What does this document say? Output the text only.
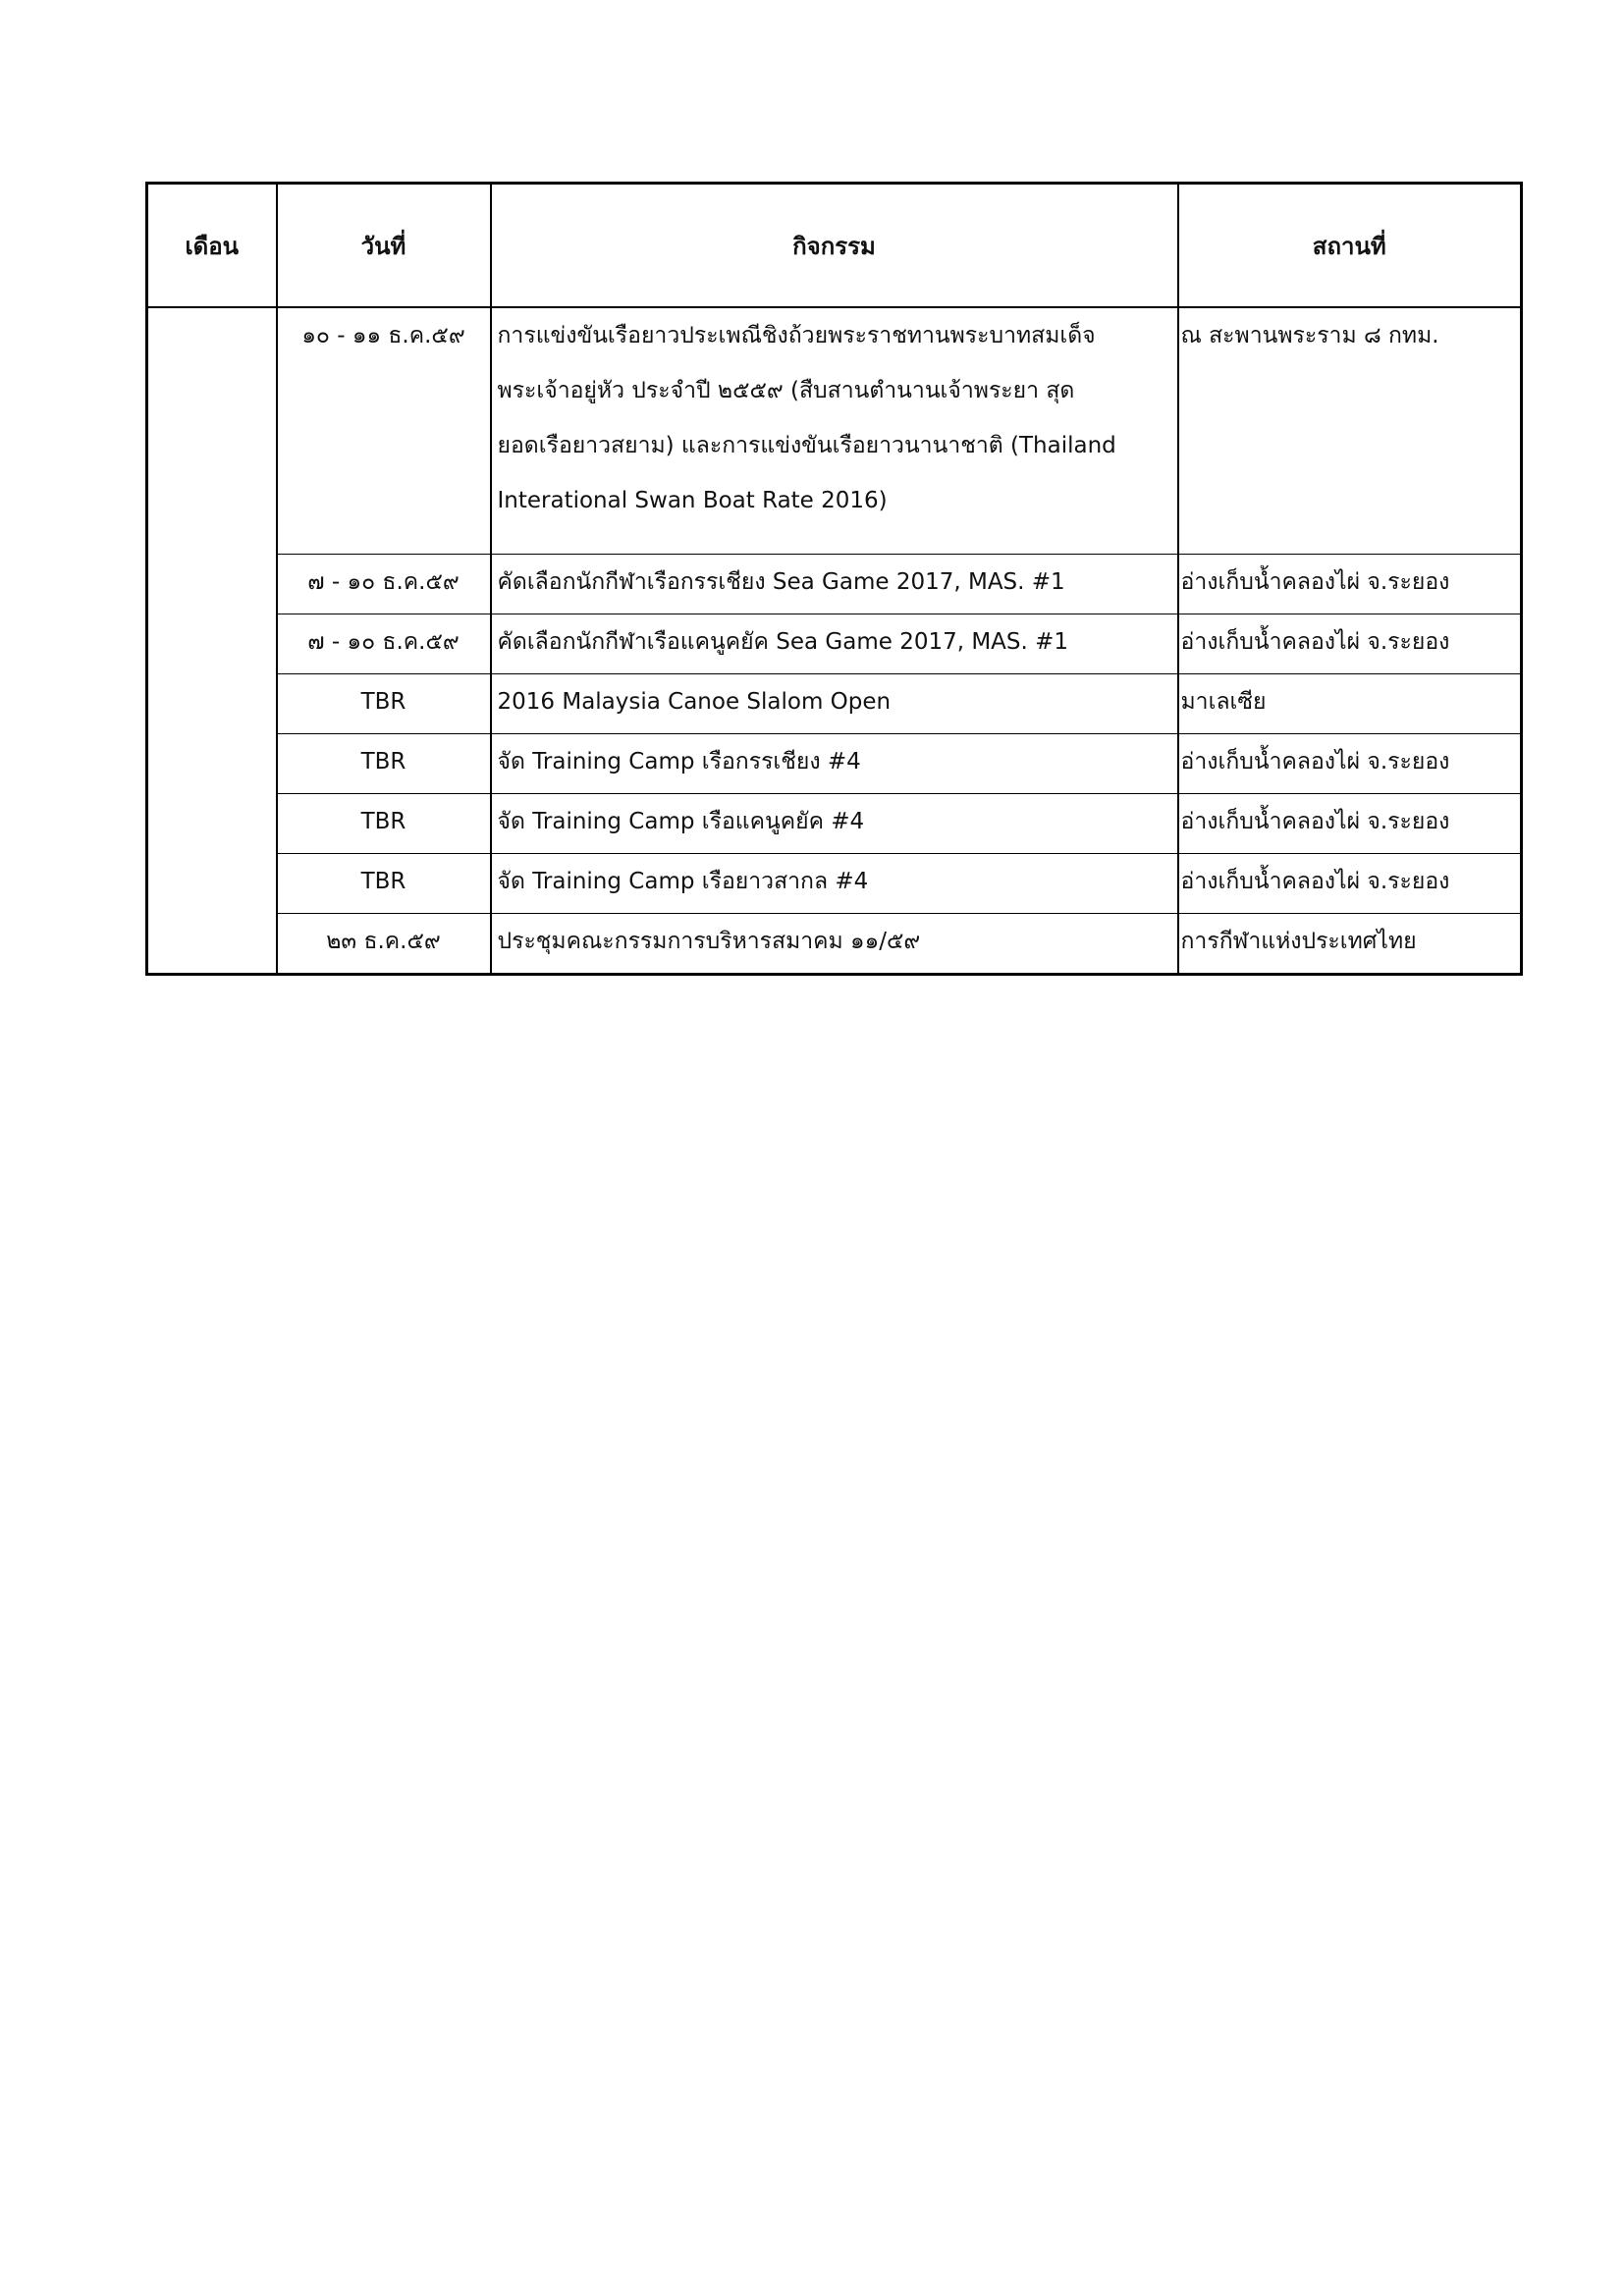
เดือน	วันที่	กิจกรรม	สถานที่
	๑๐ - ๑๑ ธ.ค.๕๙	การแข่งขันเรือยาวประเพณีชิงถ้วยพระราชทานพระบาทสมเด็จ
พระเจ้าอยู่หัว ประจำปี ๒๕๕๙ (สืบสานตำนานเจ้าพระยา สุด
ยอดเรือยาวสยาม) และการแข่งขันเรือยาวนานาชาติ (Thailand
Interational Swan Boat Rate 2016)	ณ สะพานพระราม ๘ กทม.
	๗ - ๑๐ ธ.ค.๕๙	คัดเลือกนักกีฬาเรือกรรเชียง Sea Game 2017, MAS. #1	อ่างเก็บน้ำคลองไผ่ จ.ระยอง
	๗ - ๑๐ ธ.ค.๕๙	คัดเลือกนักกีฬาเรือแคนูคยัค Sea Game 2017, MAS. #1	อ่างเก็บน้ำคลองไผ่ จ.ระยอง
	TBR	2016 Malaysia Canoe Slalom Open	มาเลเซีย
	TBR	จัด Training Camp เรือกรรเชียง #4	อ่างเก็บน้ำคลองไผ่ จ.ระยอง
	TBR	จัด Training Camp เรือแคนูคยัค #4	อ่างเก็บน้ำคลองไผ่ จ.ระยอง
	TBR	จัด Training Camp เรือยาวสากล #4	อ่างเก็บน้ำคลองไผ่ จ.ระยอง
	๒๓ ธ.ค.๕๙	ประชุมคณะกรรมการบริหารสมาคม ๑๑/๕๙	การกีฬาแห่งประเทศไทย
